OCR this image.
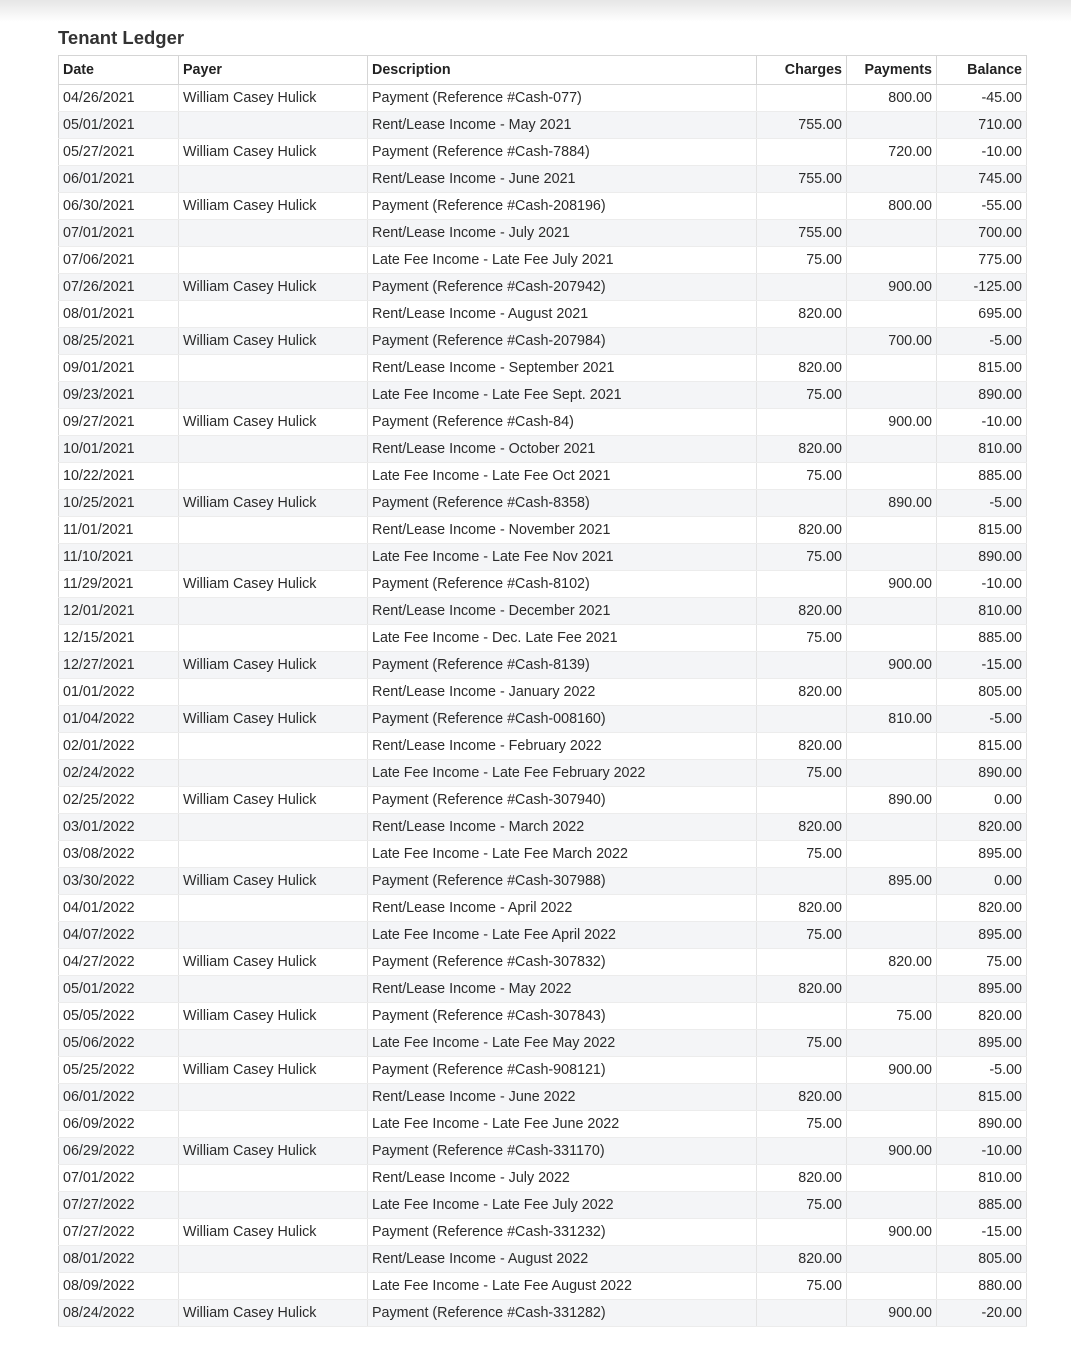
Tenant Ledger
Date	Payer	Description	Charges	Payments	Balance
04/26/2021	William Casey Hulick	Payment (Reference #Cash-077)		800.00	-45.00
05/01/2021		Rent/Lease Income - May 2021	755.00		710.00
05/27/2021	William Casey Hulick	Payment (Reference #Cash-7884)		720.00	-10.00
06/01/2021		Rent/Lease Income - June 2021	755.00		745.00
06/30/2021	William Casey Hulick	Payment (Reference #Cash-208196)		800.00	-55.00
07/01/2021		Rent/Lease Income - July 2021	755.00		700.00
07/06/2021		Late Fee Income - Late Fee July 2021	75.00		775.00
07/26/2021	William Casey Hulick	Payment (Reference #Cash-207942)		900.00	-125.00
08/01/2021		Rent/Lease Income - August 2021	820.00		695.00
08/25/2021	William Casey Hulick	Payment (Reference #Cash-207984)		700.00	-5.00
09/01/2021		Rent/Lease Income - September 2021	820.00		815.00
09/23/2021		Late Fee Income - Late Fee Sept. 2021	75.00		890.00
09/27/2021	William Casey Hulick	Payment (Reference #Cash-84)		900.00	-10.00
10/01/2021		Rent/Lease Income - October 2021	820.00		810.00
10/22/2021		Late Fee Income - Late Fee Oct 2021	75.00		885.00
10/25/2021	William Casey Hulick	Payment (Reference #Cash-8358)		890.00	-5.00
11/01/2021		Rent/Lease Income - November 2021	820.00		815.00
11/10/2021		Late Fee Income - Late Fee Nov 2021	75.00		890.00
11/29/2021	William Casey Hulick	Payment (Reference #Cash-8102)		900.00	-10.00
12/01/2021		Rent/Lease Income - December 2021	820.00		810.00
12/15/2021		Late Fee Income - Dec. Late Fee 2021	75.00		885.00
12/27/2021	William Casey Hulick	Payment (Reference #Cash-8139)		900.00	-15.00
01/01/2022		Rent/Lease Income - January 2022	820.00		805.00
01/04/2022	William Casey Hulick	Payment (Reference #Cash-008160)		810.00	-5.00
02/01/2022		Rent/Lease Income - February 2022	820.00		815.00
02/24/2022		Late Fee Income - Late Fee February 2022	75.00		890.00
02/25/2022	William Casey Hulick	Payment (Reference #Cash-307940)		890.00	0.00
03/01/2022		Rent/Lease Income - March 2022	820.00		820.00
03/08/2022		Late Fee Income - Late Fee March 2022	75.00		895.00
03/30/2022	William Casey Hulick	Payment (Reference #Cash-307988)		895.00	0.00
04/01/2022		Rent/Lease Income - April 2022	820.00		820.00
04/07/2022		Late Fee Income - Late Fee April 2022	75.00		895.00
04/27/2022	William Casey Hulick	Payment (Reference #Cash-307832)		820.00	75.00
05/01/2022		Rent/Lease Income - May 2022	820.00		895.00
05/05/2022	William Casey Hulick	Payment (Reference #Cash-307843)		75.00	820.00
05/06/2022		Late Fee Income - Late Fee May 2022	75.00		895.00
05/25/2022	William Casey Hulick	Payment (Reference #Cash-908121)		900.00	-5.00
06/01/2022		Rent/Lease Income - June 2022	820.00		815.00
06/09/2022		Late Fee Income - Late Fee June 2022	75.00		890.00
06/29/2022	William Casey Hulick	Payment (Reference #Cash-331170)		900.00	-10.00
07/01/2022		Rent/Lease Income - July 2022	820.00		810.00
07/27/2022		Late Fee Income - Late Fee July 2022	75.00		885.00
07/27/2022	William Casey Hulick	Payment (Reference #Cash-331232)		900.00	-15.00
08/01/2022		Rent/Lease Income - August 2022	820.00		805.00
08/09/2022		Late Fee Income - Late Fee August 2022	75.00		880.00
08/24/2022	William Casey Hulick	Payment (Reference #Cash-331282)		900.00	-20.00
